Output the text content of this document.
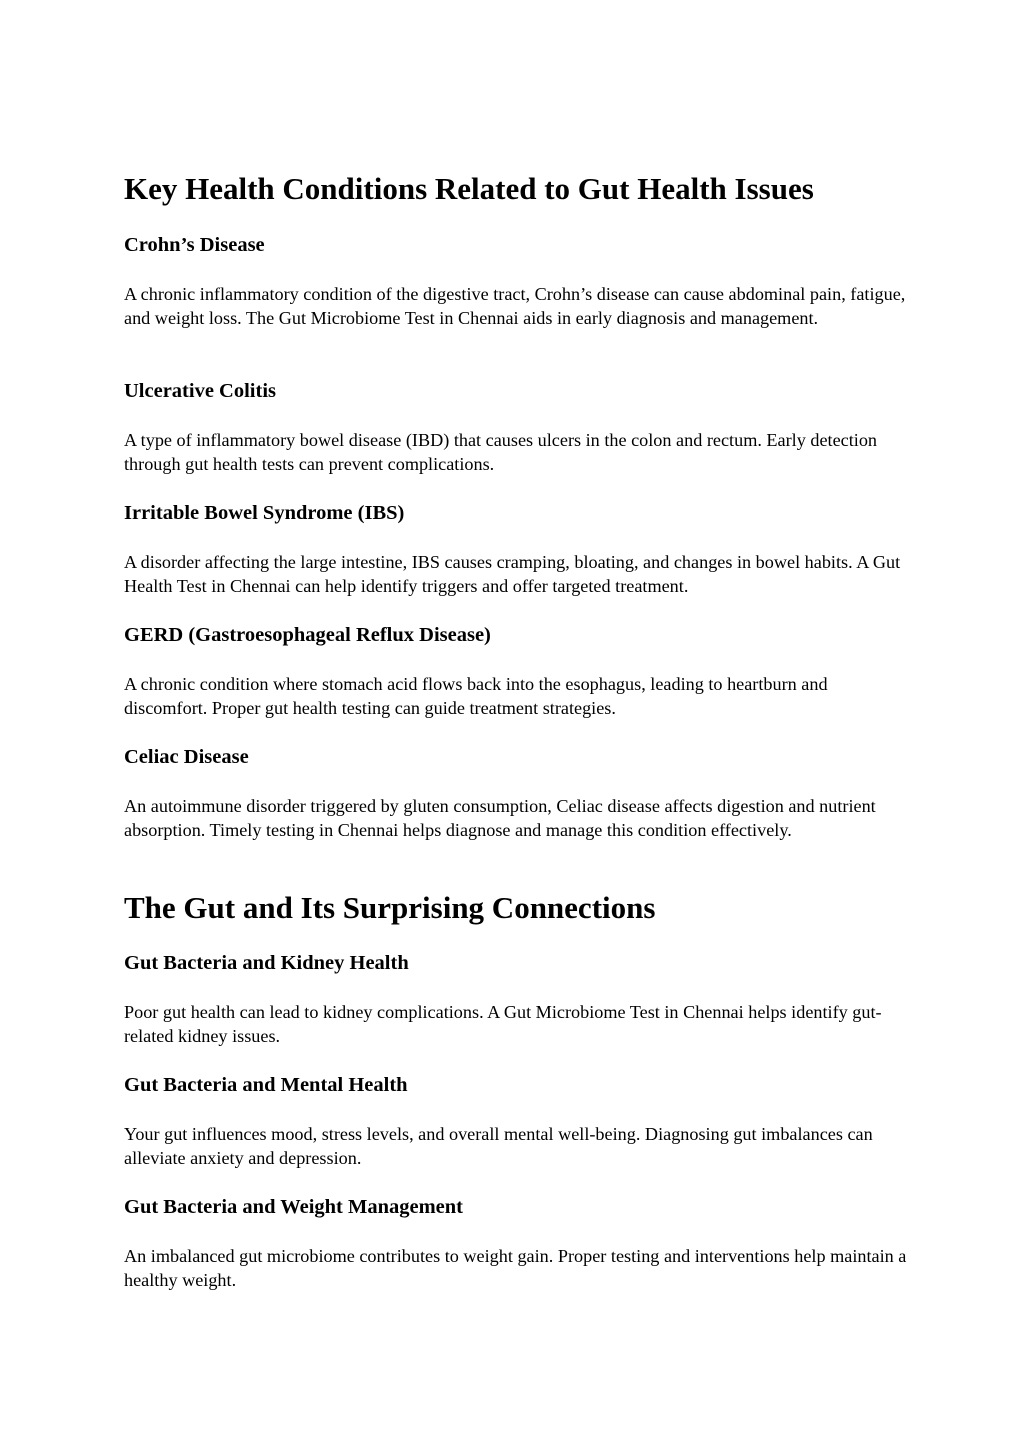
Key Health Conditions Related to Gut Health Issues
Crohn’s Disease

A chronic inflammatory condition of the digestive tract, Crohn’s disease can cause abdominal pain, fatigue, and weight loss. The Gut Microbiome Test in Chennai aids in early diagnosis and management.

Ulcerative Colitis

A type of inflammatory bowel disease (IBD) that causes ulcers in the colon and rectum. Early detection through gut health tests can prevent complications.

Irritable Bowel Syndrome (IBS)

A disorder affecting the large intestine, IBS causes cramping, bloating, and changes in bowel habits. A Gut Health Test in Chennai can help identify triggers and offer targeted treatment.

GERD (Gastroesophageal Reflux Disease)

A chronic condition where stomach acid flows back into the esophagus, leading to heartburn and discomfort. Proper gut health testing can guide treatment strategies.

Celiac Disease

An autoimmune disorder triggered by gluten consumption, Celiac disease affects digestion and nutrient absorption. Timely testing in Chennai helps diagnose and manage this condition effectively.

The Gut and Its Surprising Connections
Gut Bacteria and Kidney Health

Poor gut health can lead to kidney complications. A Gut Microbiome Test in Chennai helps identify gut-related kidney issues.

Gut Bacteria and Mental Health

Your gut influences mood, stress levels, and overall mental well-being. Diagnosing gut imbalances can alleviate anxiety and depression.

Gut Bacteria and Weight Management

An imbalanced gut microbiome contributes to weight gain. Proper testing and interventions help maintain a healthy weight.
